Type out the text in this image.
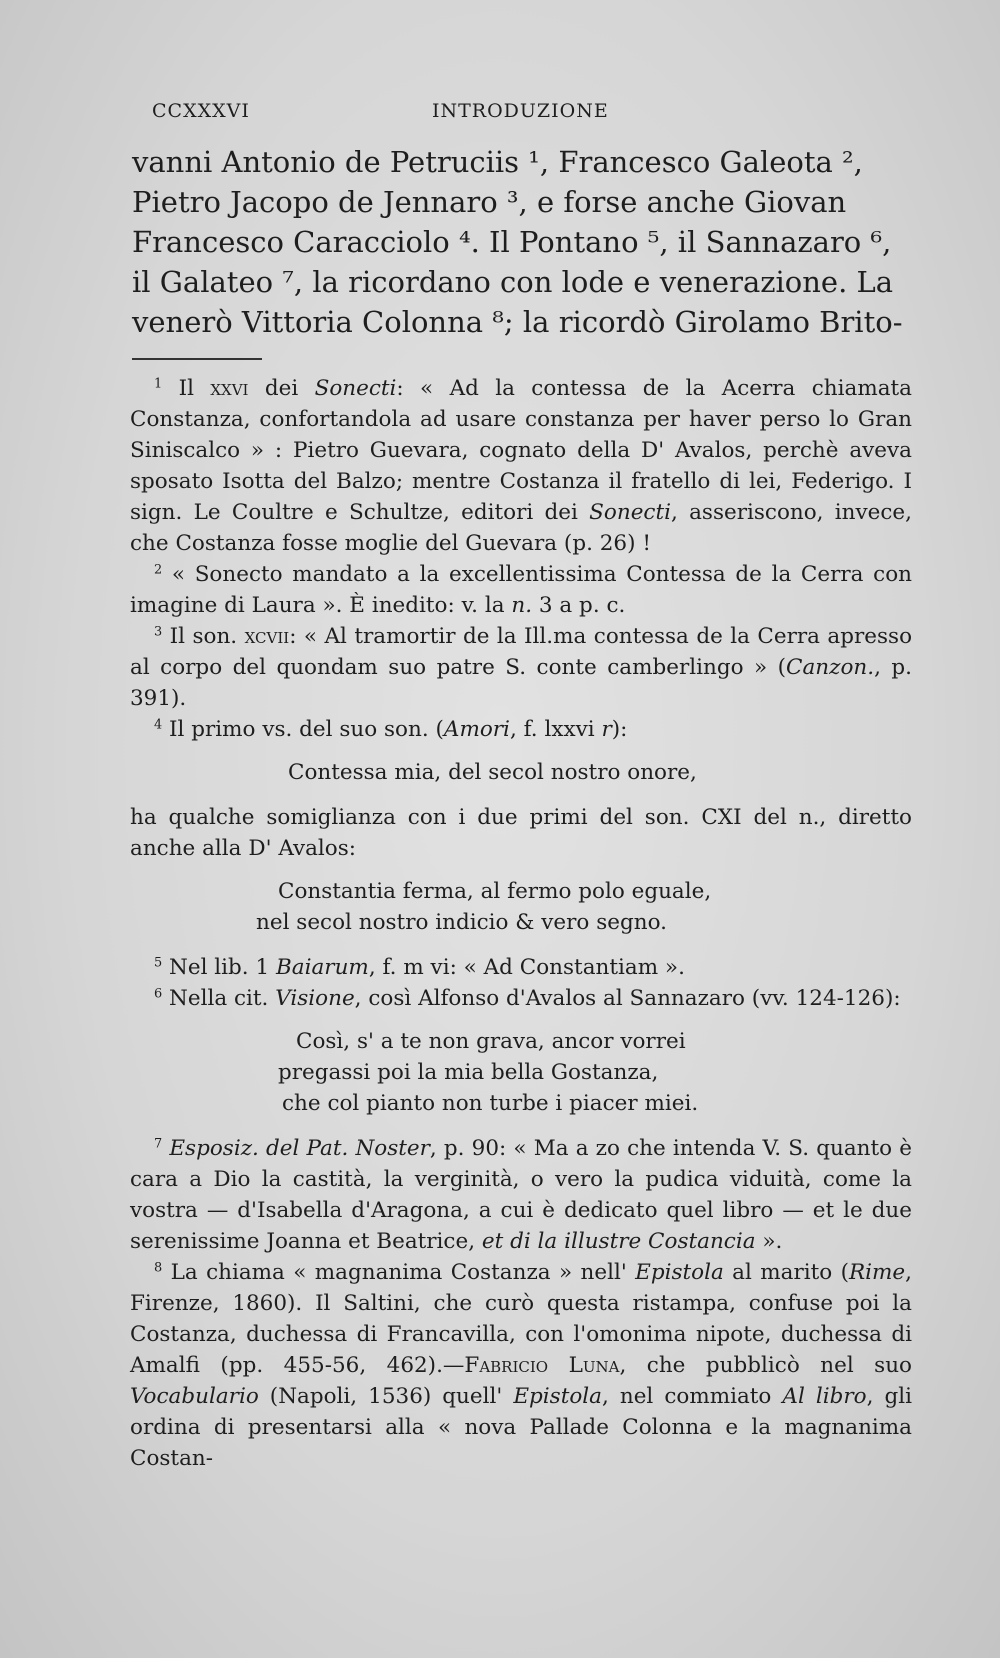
CCXXXVI	INTRODUZIONE

vanni Antonio de Petruciis ¹, Francesco Galeota ²,

Pietro Jacopo de Jennaro ³, e forse anche Giovan

Francesco Caracciolo ⁴. Il Pontano ⁵, il Sannazaro ⁶,

il Galateo ⁷, la ricordano con lode e venerazione. La

venerò Vittoria Colonna ⁸; la ricordò Girolamo Brito-

$^1$ Il xxvi dei Sonecti: « Ad la contessa de la Acerra chiamata Constanza, confortandola ad usare constanza per haver perso lo Gran Siniscalco » : Pietro Guevara, cognato della D' Avalos, perchè aveva sposato Isotta del Balzo; mentre Costanza il fratello di lei, Federigo. I sign. Le Coultre e Schultze, editori dei Sonecti, asseriscono, invece, che Costanza fosse moglie del Guevara (p. 26) !

$^2$ « Sonecto mandato a la excellentissima Contessa de la Cerra con imagine di Laura ». È inedito: v. la n. 3 a p. c.

$^3$ Il son. xcvii: « Al tramortir de la Ill.ma contessa de la Cerra apresso al corpo del quondam suo patre S. conte camberlingo » (Canzon., p. 391).

$^4$ Il primo vs. del suo son. (Amori, f. lxxvi r):

Contessa mia, del secol nostro onore,

ha qualche somiglianza con i due primi del son. CXI del n., diretto anche alla D' Avalos:

Constantia ferma, al fermo polo eguale,
nel secol nostro indicio & vero segno.

$^5$ Nel lib. 1 Baiarum, f. m vi: « Ad Constantiam ».

$^6$ Nella cit. Visione, così Alfonso d'Avalos al Sannazaro (vv. 124-126):

Così, s' a te non grava, ancor vorrei
pregassi poi la mia bella Gostanza,
che col pianto non turbe i piacer miei.

$^7$ Esposiz. del Pat. Noster, p. 90: « Ma a zo che intenda V. S. quanto è cara a Dio la castità, la verginità, o vero la pudica viduità, come la vostra — d'Isabella d'Aragona, a cui è dedicato quel libro — et le due serenissime Joanna et Beatrice, et di la illustre Costancia ».

$^8$ La chiama « magnanima Costanza » nell' Epistola al marito (Rime, Firenze, 1860). Il Saltini, che curò questa ristampa, confuse poi la Costanza, duchessa di Francavilla, con l'omonima nipote, duchessa di Amalfi (pp. 455-56, 462).—Fabricio Luna, che pubblicò nel suo Vocabulario (Napoli, 1536) quell' Epistola, nel commiato Al libro, gli ordina di presentarsi alla « nova Pallade Colonna e la magnanima Costan-
